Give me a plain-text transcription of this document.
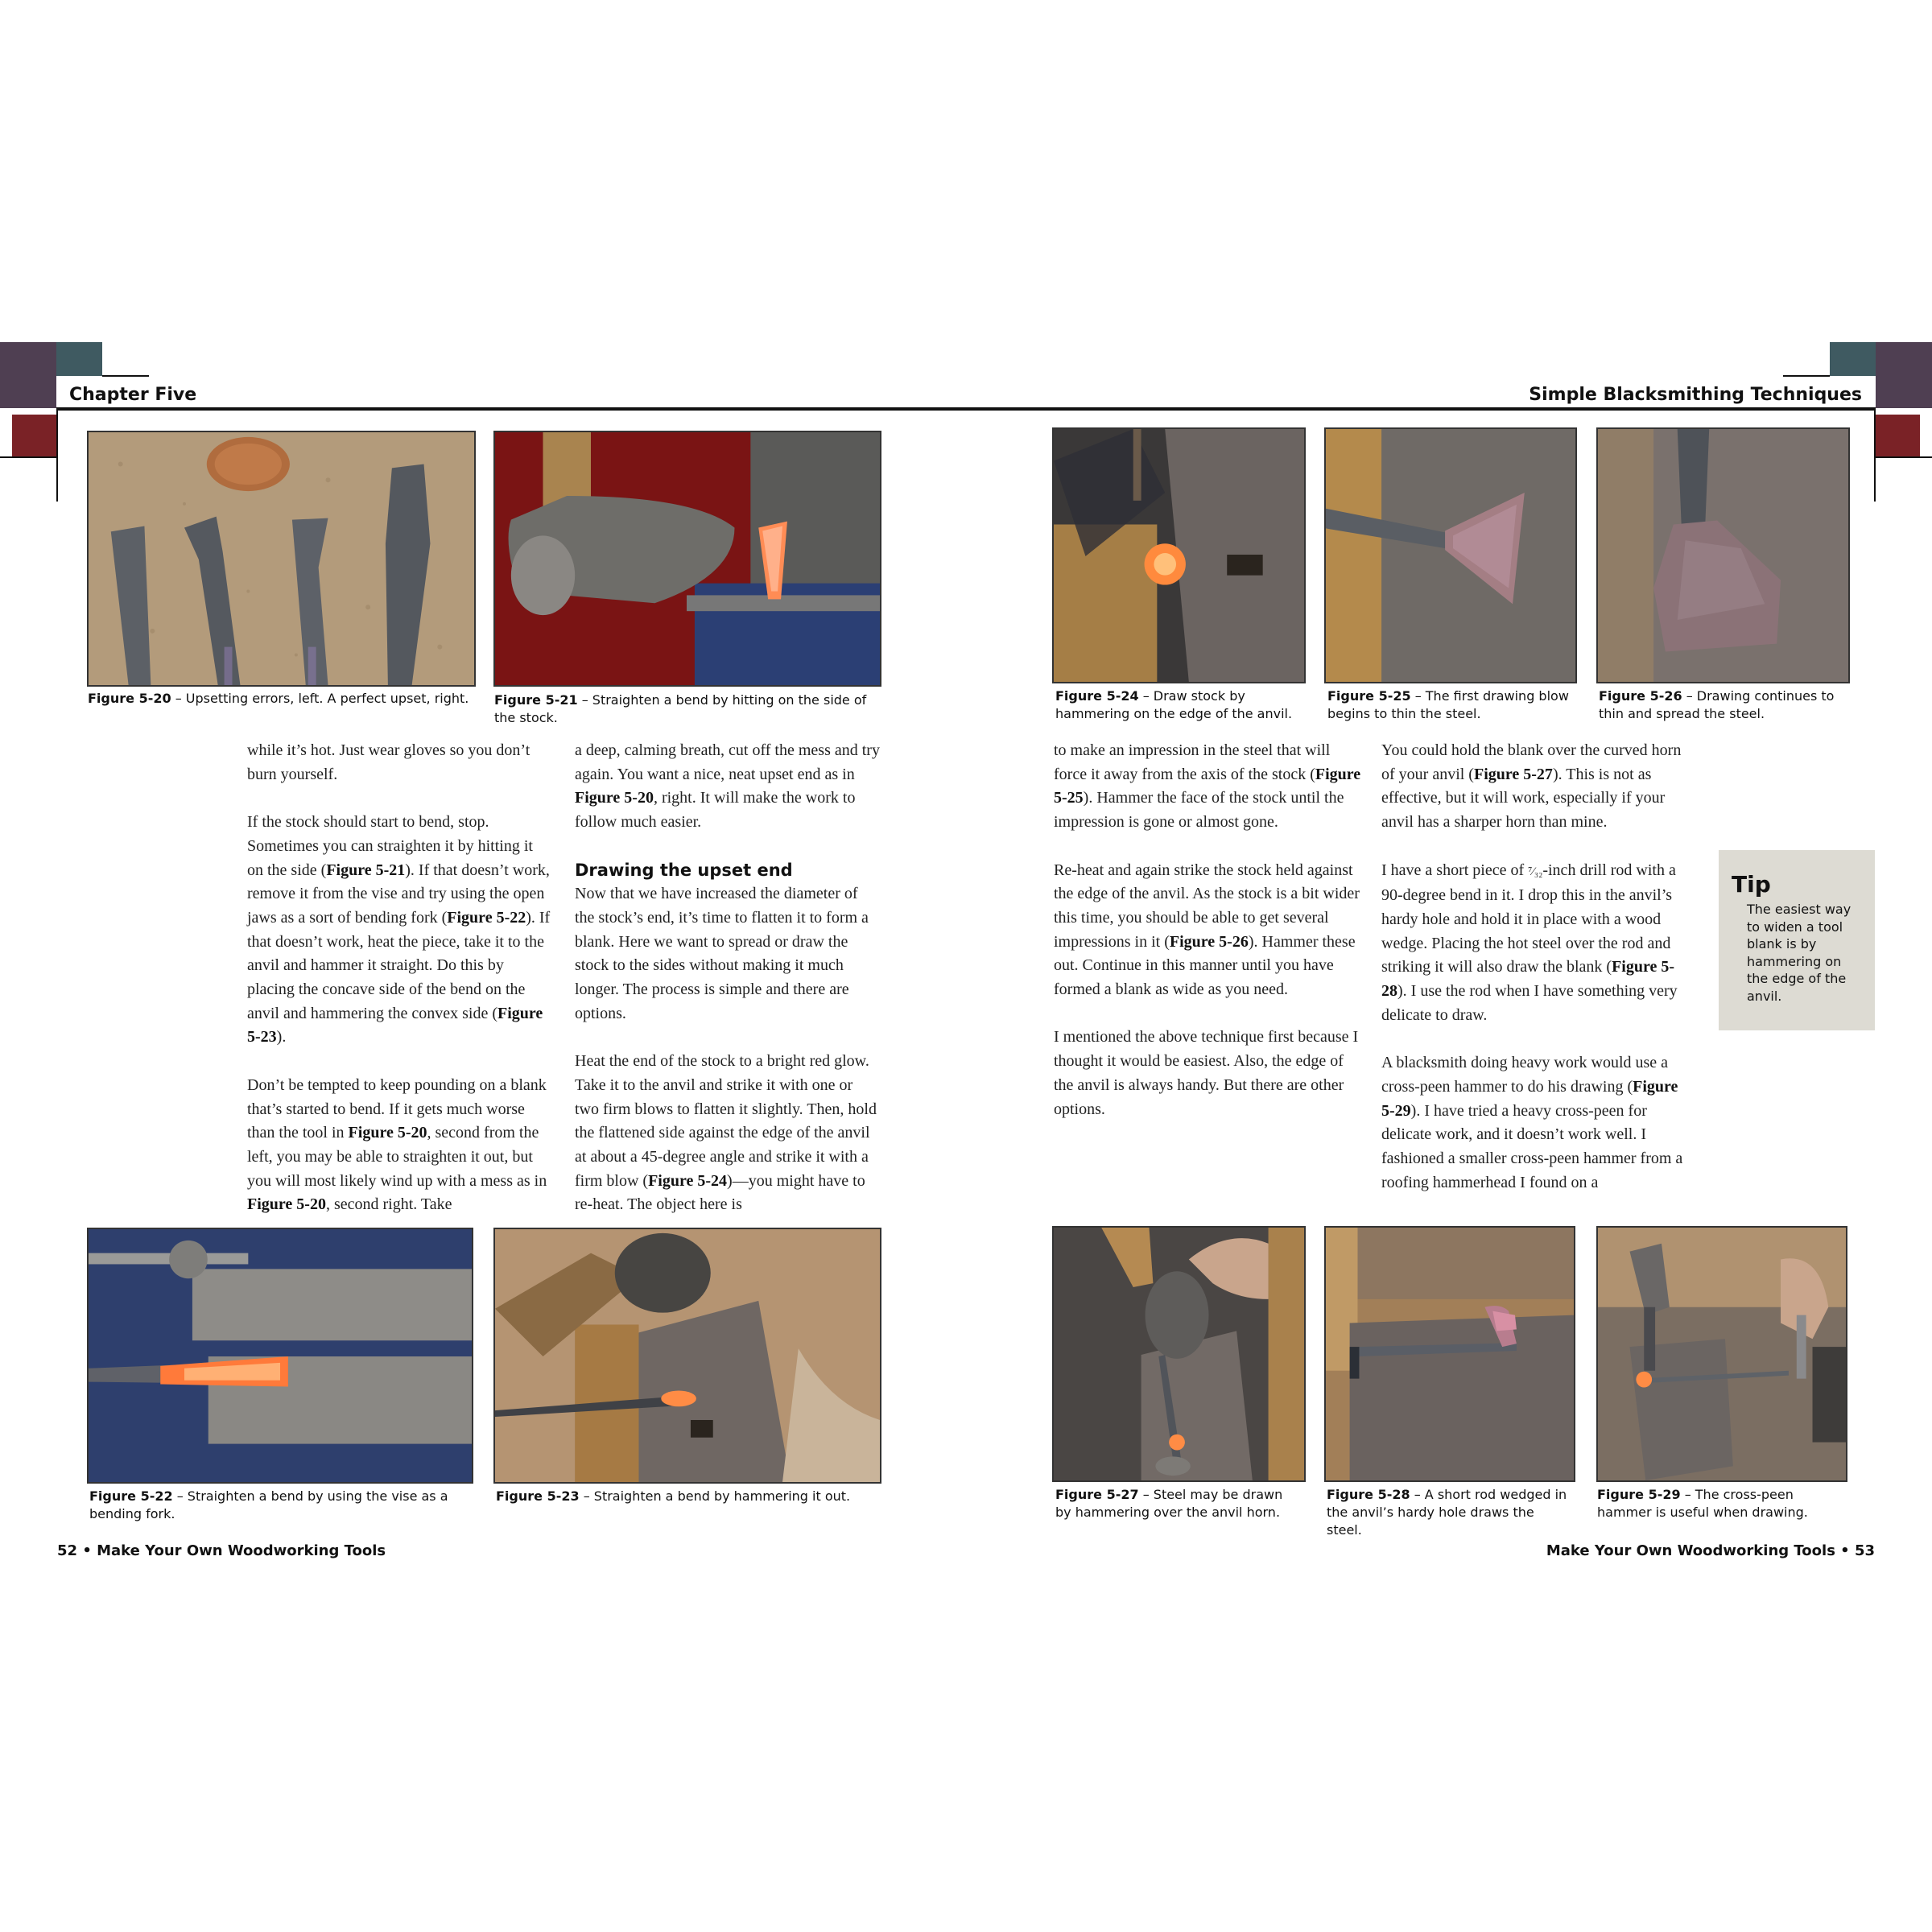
Chapter Five	Simple Blacksmithing Techniques
Figure 5-20 – Upsetting errors, left. A perfect upset, right.	Figure 5-21 – Straighten a bend by hitting on the side of the stock.
Figure 5-24 – Draw stock by hammering on the edge of the anvil.
Figure 5-25 – The first drawing blow begins to thin the steel.
Figure 5-26 – Drawing continues to thin and spread the steel.
Figure 5-22 – Straighten a bend by using the vise as a bending fork.
Figure 5-23 – Straighten a bend by hammering it out.	Figure 5-27 – Steel may be drawn by hammering over the anvil horn.
Figure 5-28 – A short rod wedged in the anvil’s hardy hole draws the steel.
Figure 5-29 – The cross-peen hammer is useful when drawing.

while it’s hot. Just wear gloves so you don’t burn yourself.

If the stock should start to bend, stop. Sometimes you can straighten it by hitting it on the side (Figure 5-21). If that doesn’t work, remove it from the vise and try using the open jaws as a sort of bending fork (Figure 5-22). If that doesn’t work, heat the piece, take it to the anvil and hammer it straight. Do this by placing the concave side of the bend on the anvil and hammering the convex side (Figure 5-23).

Don’t be tempted to keep pounding on a blank that’s started to bend. If it gets much worse than the tool in Figure 5-20, second from the left, you may be able to straighten it out, but you will most likely wind up with a mess as in Figure 5-20, second right. Take

a deep, calming breath, cut off the mess and try again. You want a nice, neat upset end as in Figure 5-20, right. It will make the work to follow much easier.

Drawing the upset end

Now that we have increased the diameter of the stock’s end, it’s time to flatten it to form a blank. Here we want to spread or draw the stock to the sides without making it much longer. The process is simple and there are options.

Heat the end of the stock to a bright red glow. Take it to the anvil and strike it with one or two firm blows to flatten it slightly. Then, hold the flattened side against the edge of the anvil at about a 45-degree angle and strike it with a firm blow (Figure 5-24)—you might have to re-heat. The object here is

to make an impression in the steel that will force it away from the axis of the stock (Figure 5-25). Hammer the face of the stock until the impression is gone or almost gone.

Re-heat and again strike the stock held against the edge of the anvil. As the stock is a bit wider this time, you should be able to get several impressions in it (Figure 5-26). Hammer these out. Continue in this manner until you have formed a blank as wide as you need.

I mentioned the above technique first because I thought it would be easiest. Also, the edge of the anvil is always handy. But there are other options.

You could hold the blank over the curved horn of your anvil (Figure 5-27). This is not as effective, but it will work, especially if your anvil has a sharper horn than mine.

I have a short piece of ⁷⁄₃₂-inch drill rod with a 90-degree bend in it. I drop this in the anvil’s hardy hole and hold it in place with a wood wedge. Placing the hot steel over the rod and striking it will also draw the blank (Figure 5-28). I use the rod when I have something very delicate to draw.

A blacksmith doing heavy work would use a cross-peen hammer to do his drawing (Figure 5-29). I have tried a heavy cross-peen for delicate work, and it doesn’t work well. I fashioned a smaller cross-peen hammer from a roofing hammerhead I found on a

Tip
The easiest way to widen a tool blank is by hammering on the edge of the anvil.
52 • Make Your Own Woodworking Tools	Make Your Own Woodworking Tools • 53
